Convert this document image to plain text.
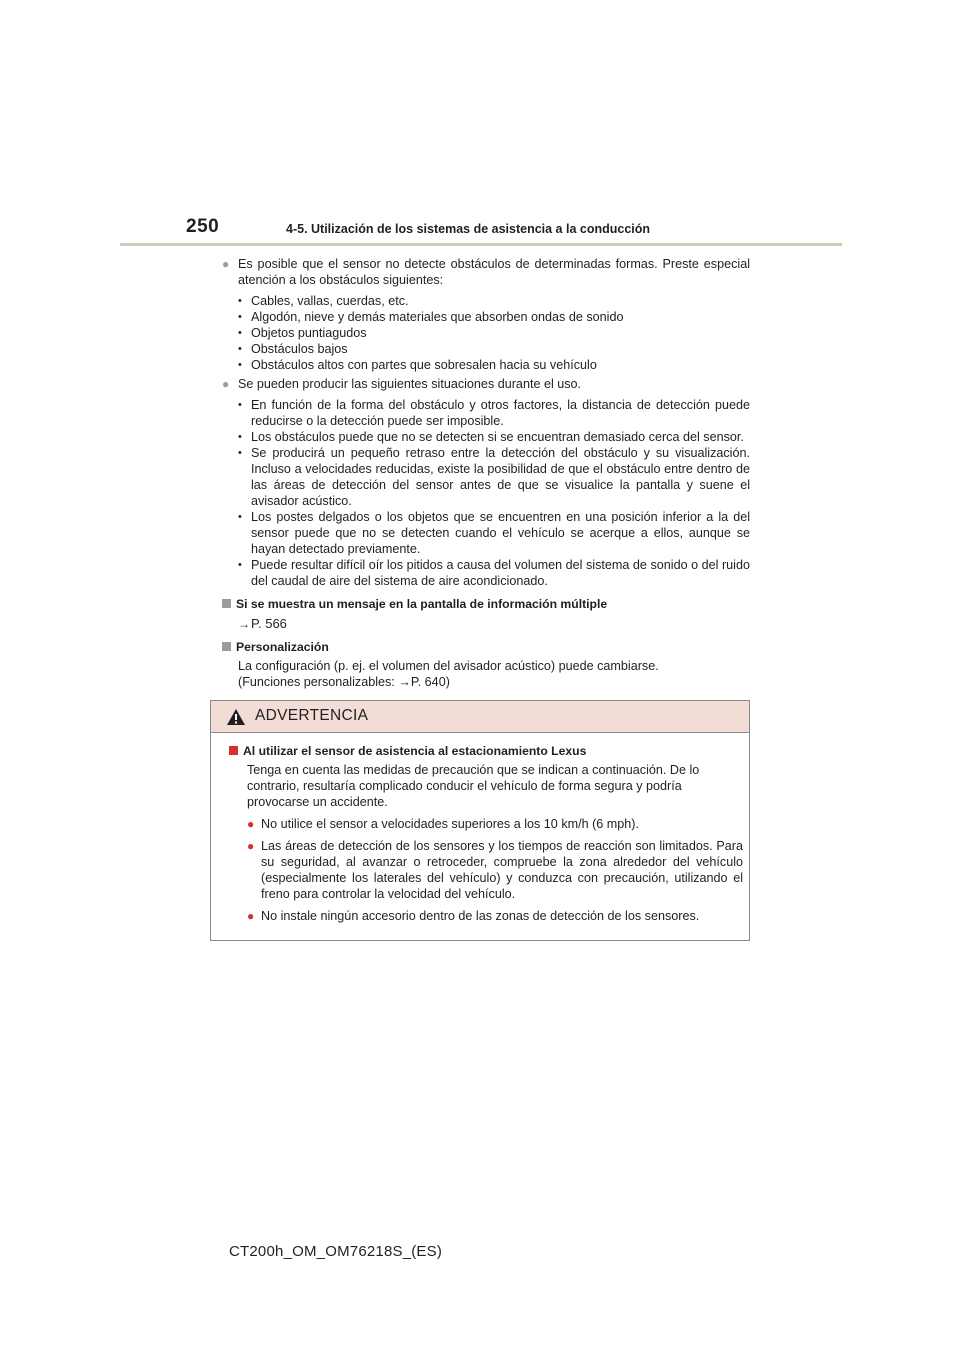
250	4-5. Utilización de los sistemas de asistencia a la conducción
● Es posible que el sensor no detecte obstáculos de determinadas formas. Preste especial atención a los obstáculos siguientes:
• Cables, vallas, cuerdas, etc.
• Algodón, nieve y demás materiales que absorben ondas de sonido
• Objetos puntiagudos
• Obstáculos bajos
• Obstáculos altos con partes que sobresalen hacia su vehículo
● Se pueden producir las siguientes situaciones durante el uso.
• En función de la forma del obstáculo y otros factores, la distancia de detección puede reducirse o la detección puede ser imposible.
• Los obstáculos puede que no se detecten si se encuentran demasiado cerca del sensor.
• Se producirá un pequeño retraso entre la detección del obstáculo y su visualización. Incluso a velocidades reducidas, existe la posibilidad de que el obstáculo entre dentro de las áreas de detección del sensor antes de que se visualice la pantalla y suene el avisador acústico.
• Los postes delgados o los objetos que se encuentren en una posición inferior a la del sensor puede que no se detecten cuando el vehículo se acerque a ellos, aunque se hayan detectado previamente.
• Puede resultar difícil oír los pitidos a causa del volumen del sistema de sonido o del ruido del caudal de aire del sistema de aire acondicionado.
Si se muestra un mensaje en la pantalla de información múltiple
→P. 566
Personalización
La configuración (p. ej. el volumen del avisador acústico) puede cambiarse.
(Funciones personalizables: →P. 640)
ADVERTENCIA
Al utilizar el sensor de asistencia al estacionamiento Lexus
Tenga en cuenta las medidas de precaución que se indican a continuación. De lo contrario, resultaría complicado conducir el vehículo de forma segura y podría provocarse un accidente.
● No utilice el sensor a velocidades superiores a los 10 km/h (6 mph).
● Las áreas de detección de los sensores y los tiempos de reacción son limitados. Para su seguridad, al avanzar o retroceder, compruebe la zona alrededor del vehículo (especialmente los laterales del vehículo) y conduzca con precaución, utilizando el freno para controlar la velocidad del vehículo.
● No instale ningún accesorio dentro de las zonas de detección de los sensores.
CT200h_OM_OM76218S_(ES)
